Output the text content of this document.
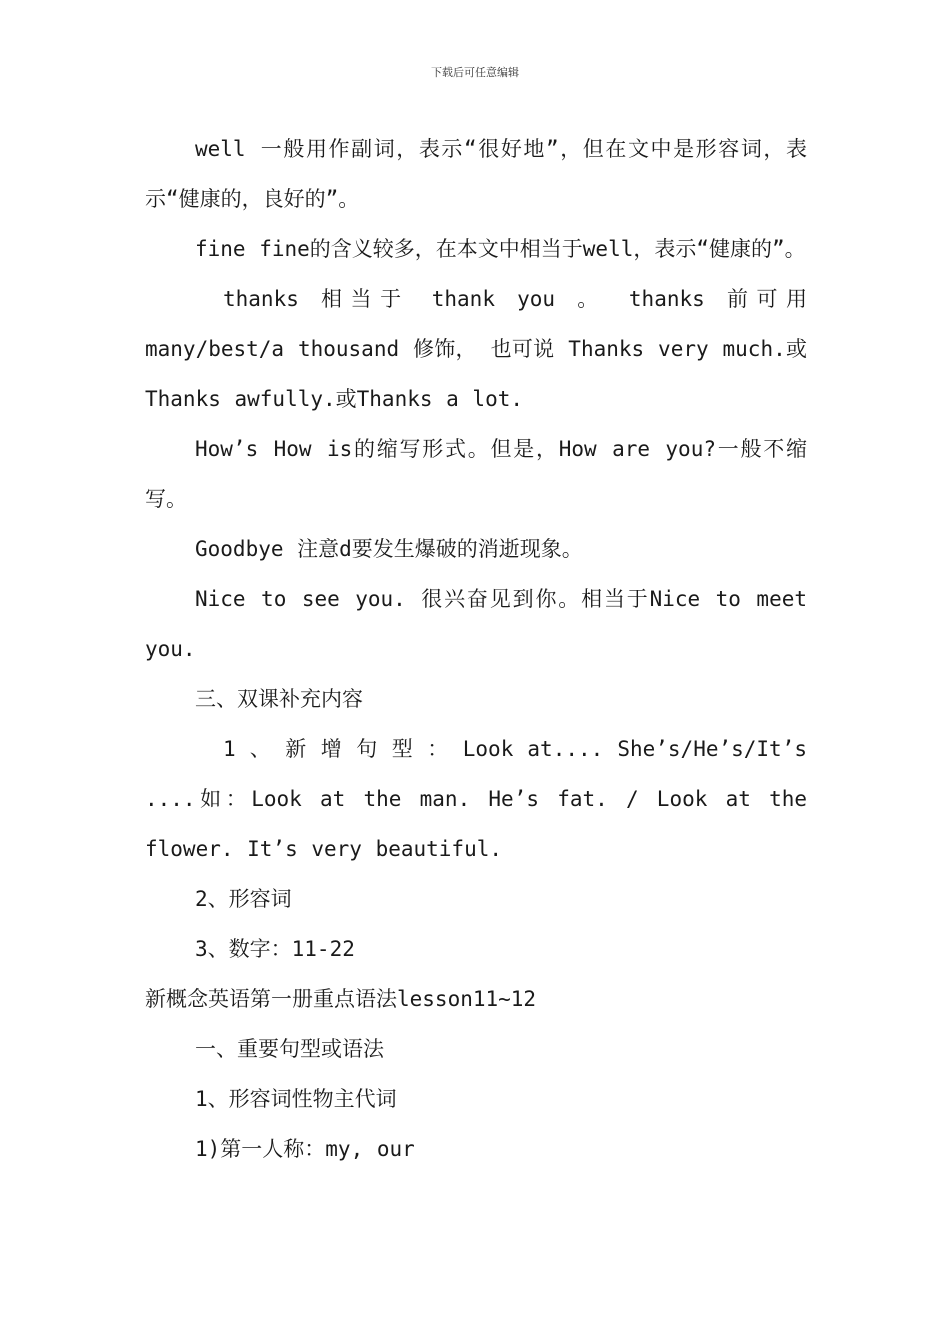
下载后可任意编辑

well 一般用作副词，表示“很好地”，但在文中是形容词，表示“健康的，良好的”。

fine fine的含义较多，在本文中相当于well，表示“健康的”。

thanks 相当于 thank you 。 thanks 前可用 many/best/a thousand 修饰， 也可说 Thanks very much.或Thanks awfully.或Thanks a lot.

How’s How is的缩写形式。但是，How are you?一般不缩写。

Goodbye 注意d要发生爆破的消逝现象。

Nice to see you. 很兴奋见到你。相当于Nice to meet you.

三、双课补充内容

1 、 新 增 句 型 ： Look at.... She’s/He’s/It’s ....如：Look at the man. He’s fat. / Look at the flower. It’s very beautiful.

2、形容词

3、数字：11-22

新概念英语第一册重点语法lesson11~12

一、重要句型或语法

1、形容词性物主代词

1)第一人称：my, our
